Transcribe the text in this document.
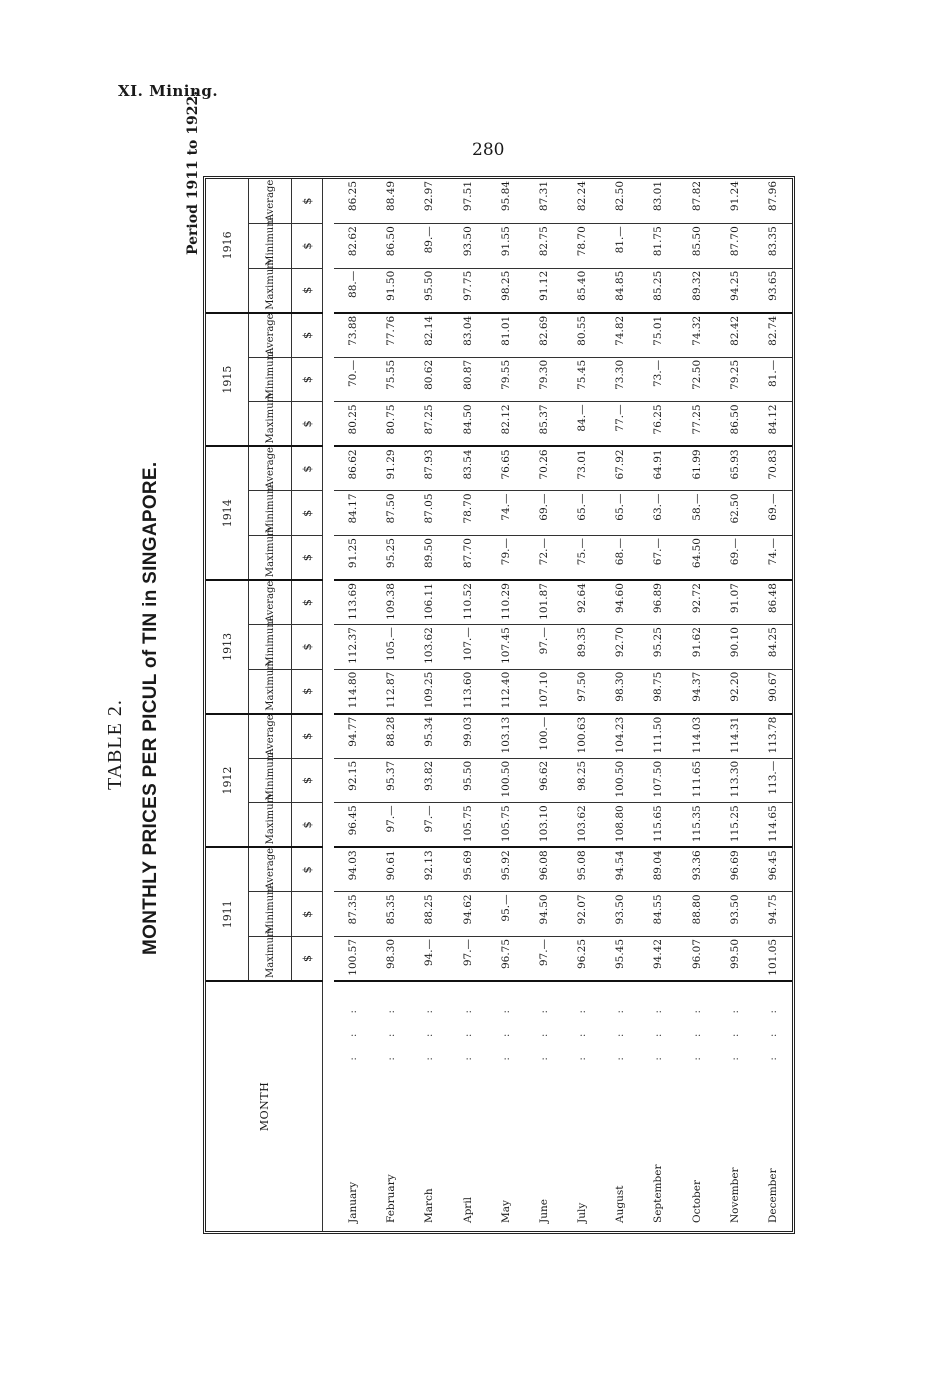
XI. Mining.
280
TABLE 2. MONTHLY PRICES PER PICUL of TIN in SINGAPORE.
Period 1911 to 1922.
MONTH	1911			1912			1913			1914			1915			1916		
	Maximum	Minimum	Average	Maximum	Minimum	Average	Maximum	Minimum	Average	Maximum	Minimum	Average	Maximum	Minimum	Average	Maximum	Minimum	Average
	$	$	$	$	$	$	$	$	$	$	$	$	$	$	$	$	$	$

January
:::	100.57	87.35	94.03	96.45	92.15	94.77	114.80	112.37	113.69	91.25	84.17	86.62	80.25	70.—	73.88	88.—	82.62	86.25
February
:::	98.30	85.35	90.61	97.—	95.37	88.28	112.87	105.—	109.38	95.25	87.50	91.29	80.75	75.55	77.76	91.50	86.50	88.49
March
:::	94.—	88.25	92.13	97.—	93.82	95.34	109.25	103.62	106.11	89.50	87.05	87.93	87.25	80.62	82.14	95.50	89.—	92.97
April
:::	97.—	94.62	95.69	105.75	95.50	99.03	113.60	107.—	110.52	87.70	78.70	83.54	84.50	80.87	83.04	97.75	93.50	97.51
May
:::	96.75	95.—	95.92	105.75	100.50	103.13	112.40	107.45	110.29	79.—	74.—	76.65	82.12	79.55	81.01	98.25	91.55	95.84
June
:::	97.—	94.50	96.08	103.10	96.62	100.—	107.10	97.—	101.87	72.—	69.—	70.26	85.37	79.30	82.69	91.12	82.75	87.31
July
:::	96.25	92.07	95.08	103.62	98.25	100.63	97.50	89.35	92.64	75.—	65.—	73.01	84.—	75.45	80.55	85.40	78.70	82.24
August
:::	95.45	93.50	94.54	108.80	100.50	104.23	98.30	92.70	94.60	68.—	65.—	67.92	77.—	73.30	74.82	84.85	81.—	82.50
September
:::	94.42	84.55	89.04	115.65	107.50	111.50	98.75	95.25	96.89	67.—	63.—	64.91	76.25	73.—	75.01	85.25	81.75	83.01
October
:::	96.07	88.80	93.36	115.35	111.65	114.03	94.37	91.62	92.72	64.50	58.—	61.99	77.25	72.50	74.32	89.32	85.50	87.82
November
:::	99.50	93.50	96.69	115.25	113.30	114.31	92.20	90.10	91.07	69.—	62.50	65.93	86.50	79.25	82.42	94.25	87.70	91.24
December
:::	101.05	94.75	96.45	114.65	113.—	113.78	90.67	84.25	86.48	74.—	69.—	70.83	84.12	81.—	82.74	93.65	83.35	87.96
